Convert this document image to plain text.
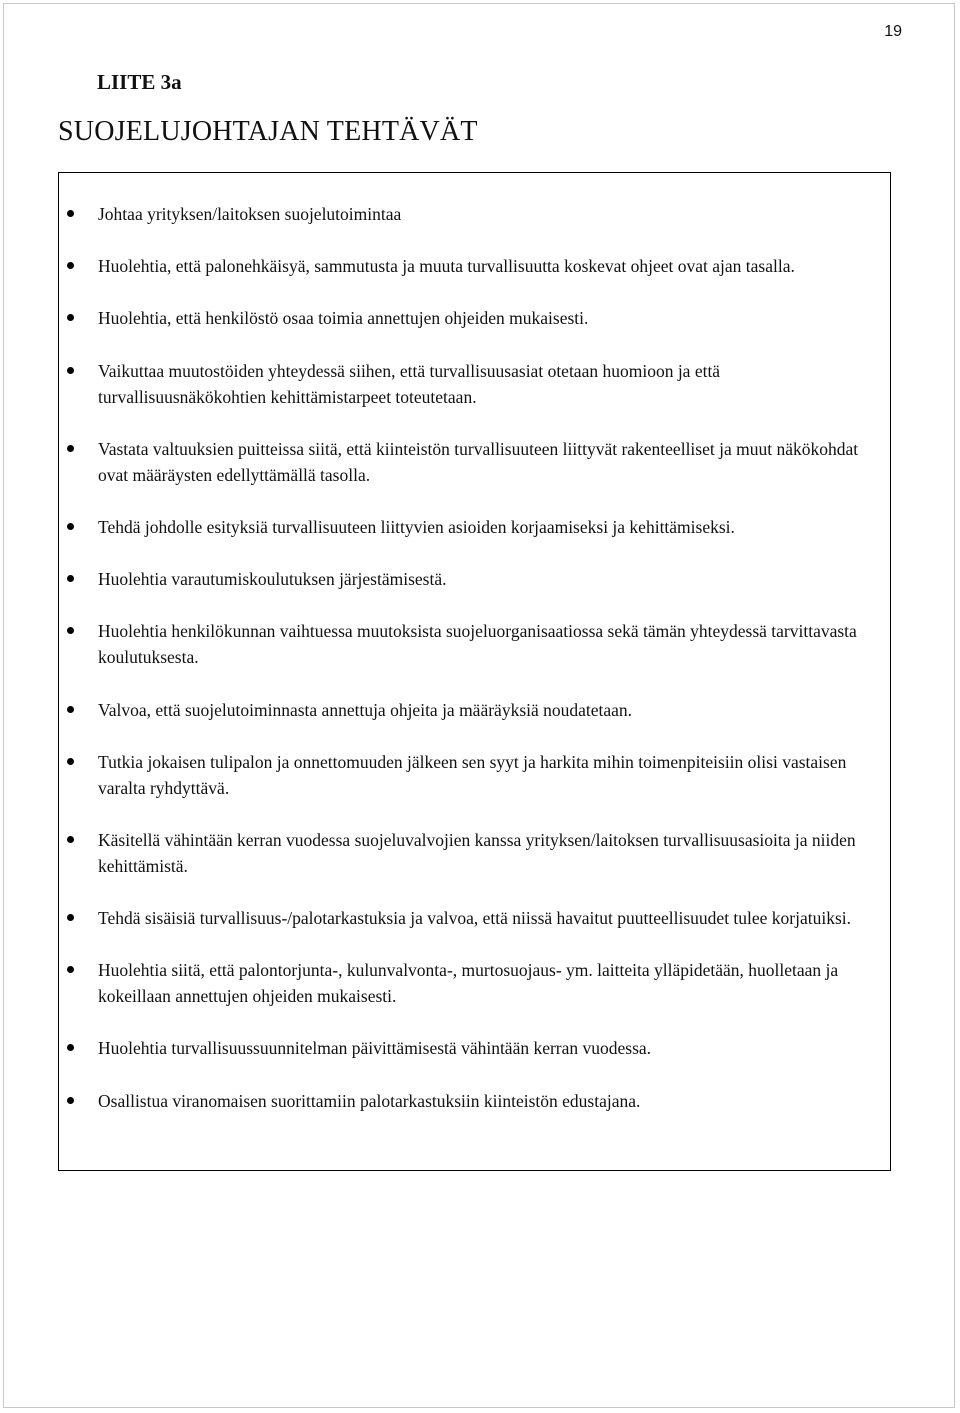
19
LIITE 3a
SUOJELUJOHTAJAN TEHTÄVÄT
Johtaa yrityksen/laitoksen suojelutoimintaa
Huolehtia, että palonehkäisyä, sammutusta ja muuta turvallisuutta koskevat ohjeet ovat ajan tasalla.
Huolehtia, että henkilöstö osaa toimia annettujen ohjeiden mukaisesti.
Vaikuttaa muutostöiden yhteydessä siihen, että turvallisuusasiat otetaan huomioon ja että turvallisuusnäkökohtien kehittämistarpeet toteutetaan.
Vastata valtuuksien puitteissa siitä, että kiinteistön turvallisuuteen liittyvät rakenteelliset ja muut näkökohdat ovat määräysten edellyttämällä tasolla.
Tehdä johdolle esityksiä turvallisuuteen liittyvien asioiden korjaamiseksi ja kehittämiseksi.
Huolehtia varautumiskoulutuksen järjestämisestä.
Huolehtia henkilökunnan vaihtuessa muutoksista suojeluorganisaatiossa sekä tämän yhteydessä tarvittavasta koulutuksesta.
Valvoa, että suojelutoiminnasta annettuja ohjeita ja määräyksiä noudatetaan.
Tutkia jokaisen tulipalon ja onnettomuuden jälkeen sen syyt ja harkita mihin toimenpiteisiin olisi vastaisen varalta ryhdyttävä.
Käsitellä vähintään kerran vuodessa suojeluvalvojien kanssa yrityksen/laitoksen turvallisuusasioita ja niiden kehittämistä.
Tehdä sisäisiä turvallisuus-/palotarkastuksia ja valvoa, että niissä havaitut puutteellisuudet tulee korjatuiksi.
Huolehtia siitä, että palontorjunta-, kulunvalvonta-, murtosuojaus- ym. laitteita ylläpidetään, huolletaan ja kokeillaan annettujen ohjeiden mukaisesti.
Huolehtia turvallisuussuunnitelman päivittämisestä vähintään kerran vuodessa.
Osallistua viranomaisen suorittamiin palotarkastuksiin kiinteistön edustajana.
